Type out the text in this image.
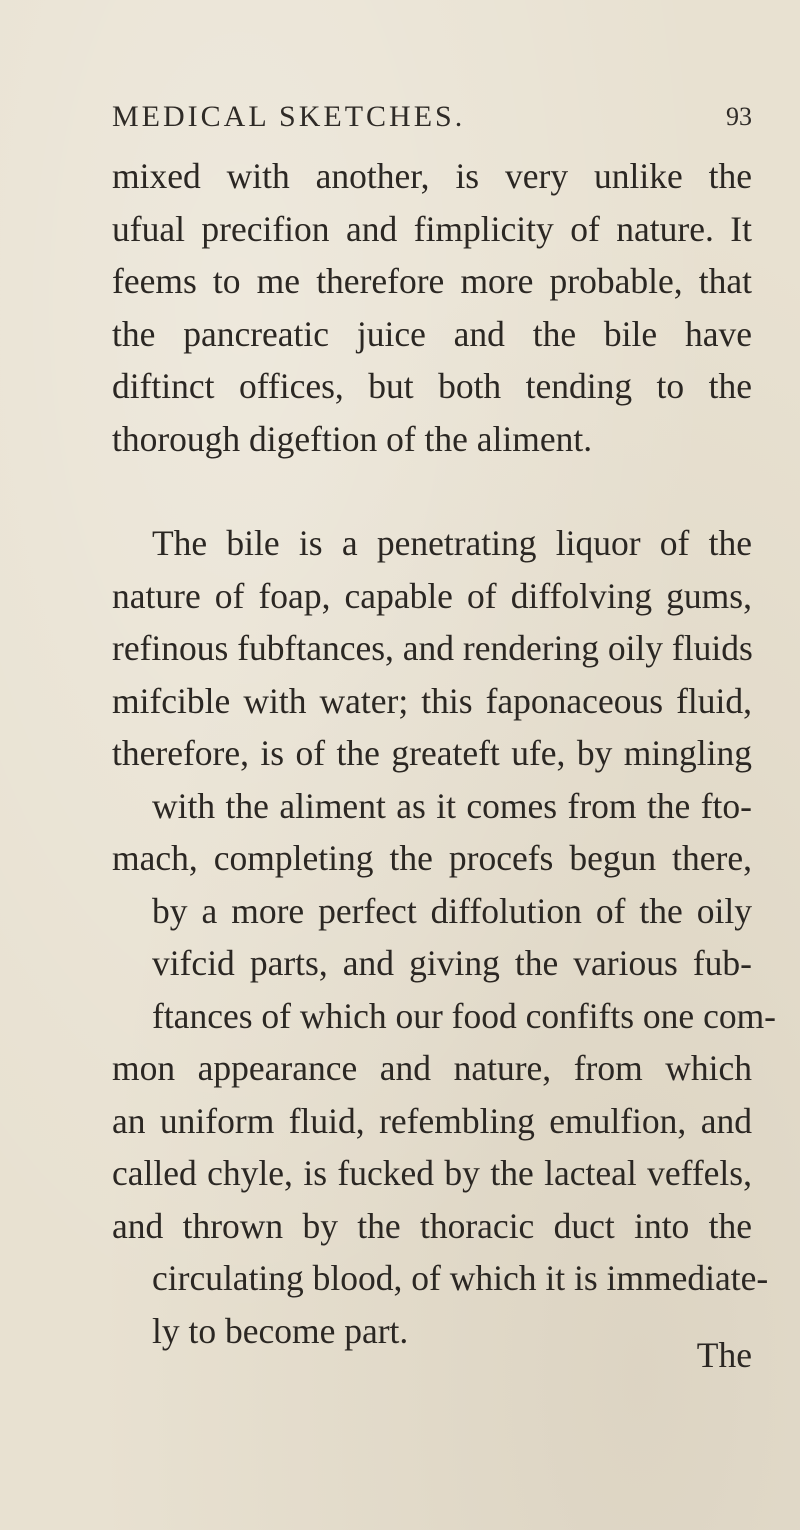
MEDICAL SKETCHES.	93
mixed with another, is very unlike the
ufual precifion and fimplicity of nature. It
feems to me therefore more probable, that
the pancreatic juice and the bile have
diftinct offices, but both tending to the
thorough digeftion of the aliment.
The bile is a penetrating liquor of the
nature of foap, capable of diffolving gums,
refinous fubftances, and rendering oily fluids
mifcible with water; this faponaceous fluid,
therefore, is of the greateft ufe, by mingling
with the aliment as it comes from the fto-
mach, completing the procefs begun there,
by a more perfect diffolution of the oily
vifcid parts, and giving the various fub-
ftances of which our food confifts one com-
mon appearance and nature, from which
an uniform fluid, refembling emulfion, and
called chyle, is fucked by the lacteal veffels,
and thrown by the thoracic duct into the
circulating blood, of which it is immediate-
ly to become part.
The
